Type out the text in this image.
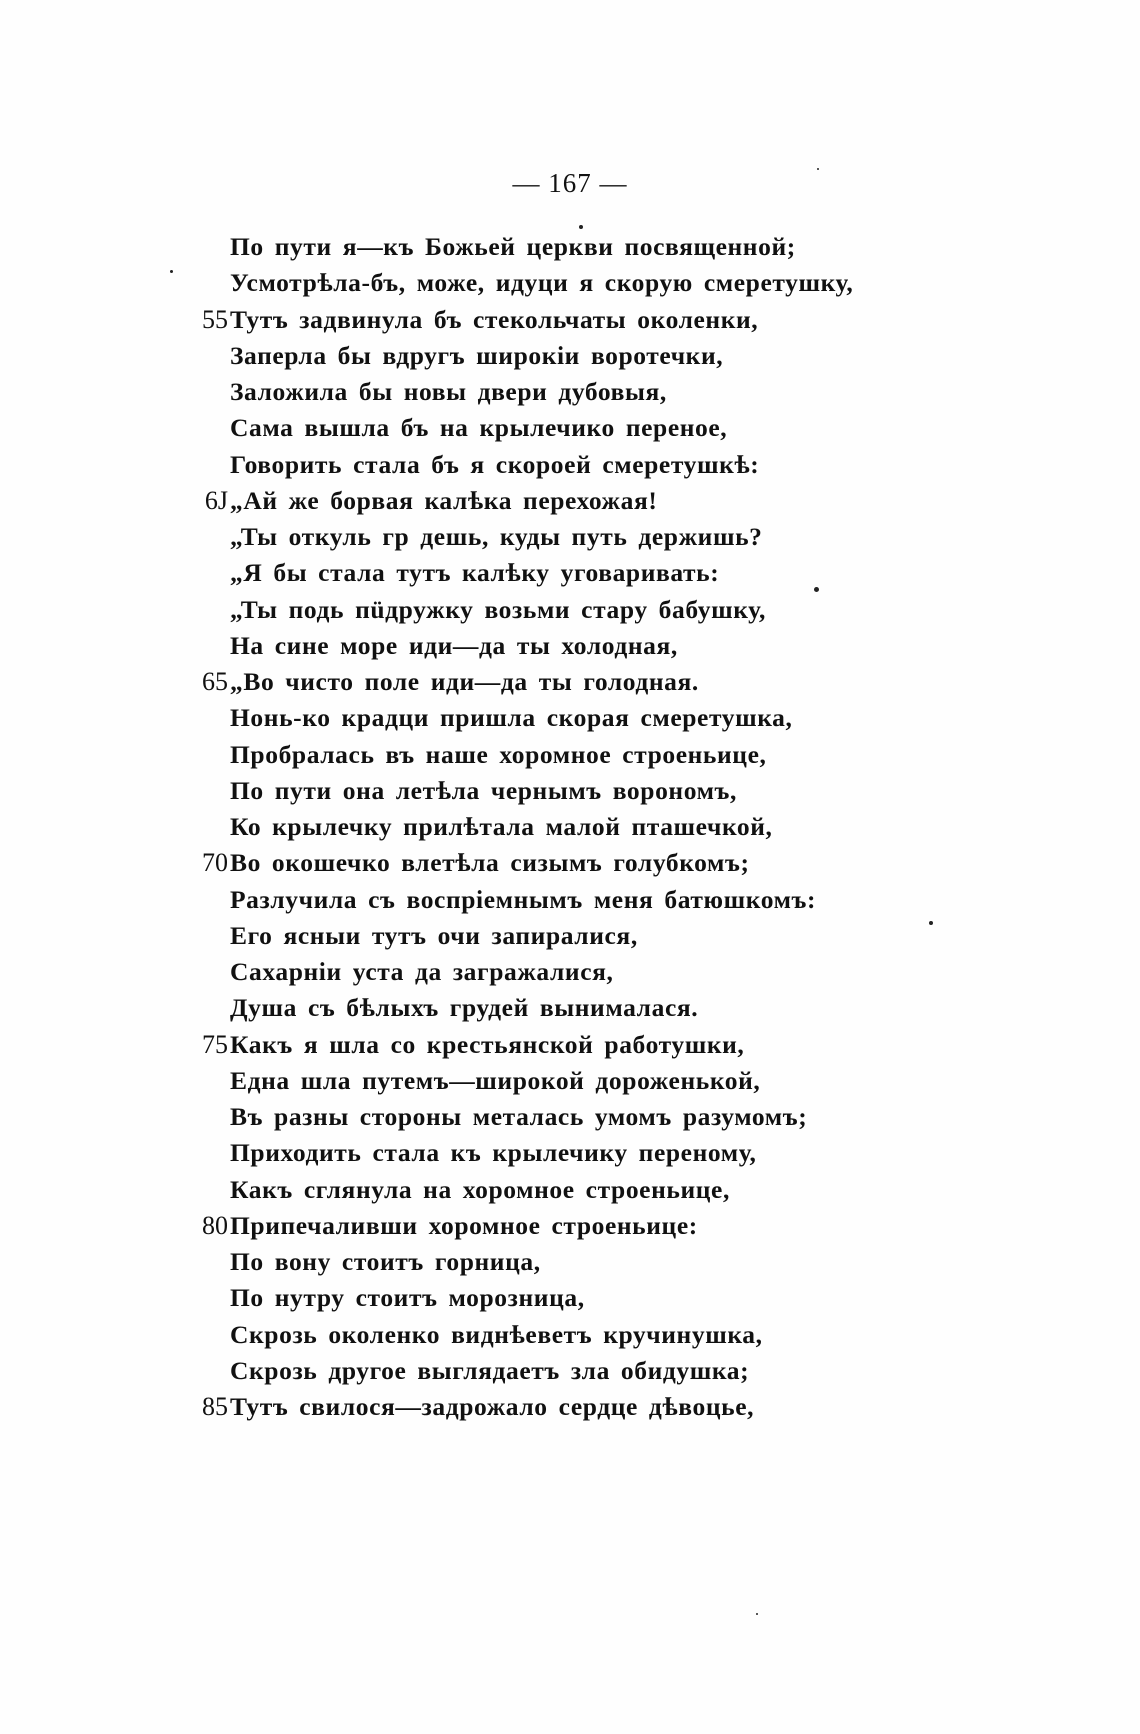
— 167 —
По пути я—къ Божьей церкви посвященной;
Усмотрѣла-бъ, може, идуци я скорую смеретушку,
55 Тутъ задвинула бъ стекольчаты околенки,
Заперла бы вдругъ широкіи воротечки,
Заложила бы новы двери дубовыя,
Сама вышла бъ на крылечико переное,
Говорить стала бъ я скороей смеретушкѣ:
6J „Ай же борвая калѣка перехожая!
„Ты откуль гр дешь, куды путь держишь?
„Я бы стала тутъ калѣку уговаривать:
„Ты подь пüдружку возьми стару бабушку,
На сине море иди—да ты холодная,
65 „Во чисто поле иди—да ты голодная.
Нонь-ко крадци пришла скорая смеретушка,
Пробралась въ наше хоромное строеньице,
По пути она летѣла чернымъ ворономъ,
Ко крылечку прилѣтала малой пташечкой,
70 Во окошечко влетѣла сизымъ голубкомъ;
Разлучила съ воспріемнымъ меня батюшкомъ:
Его ясныи тутъ очи запиралися,
Сахарніи уста да загражалися,
Душа съ бѣлыхъ грудей вынималася.
75 Какъ я шла со крестьянской работушки,
Една шла путемъ—широкой дороженькой,
Въ разны стороны металась умомъ разумомъ;
Приходить стала къ крылечику переному,
Какъ сглянула на хоромное строеньице,
80 Припечаливши хоромное строеньице:
По вону стоитъ горница,
По нутру стоитъ морозница,
Скрозь околенко виднѣеветъ кручинушка,
Скрозь другое выглядаетъ зла обидушка;
85 Тутъ свилося—задрожало сердце дѣвоцье,
